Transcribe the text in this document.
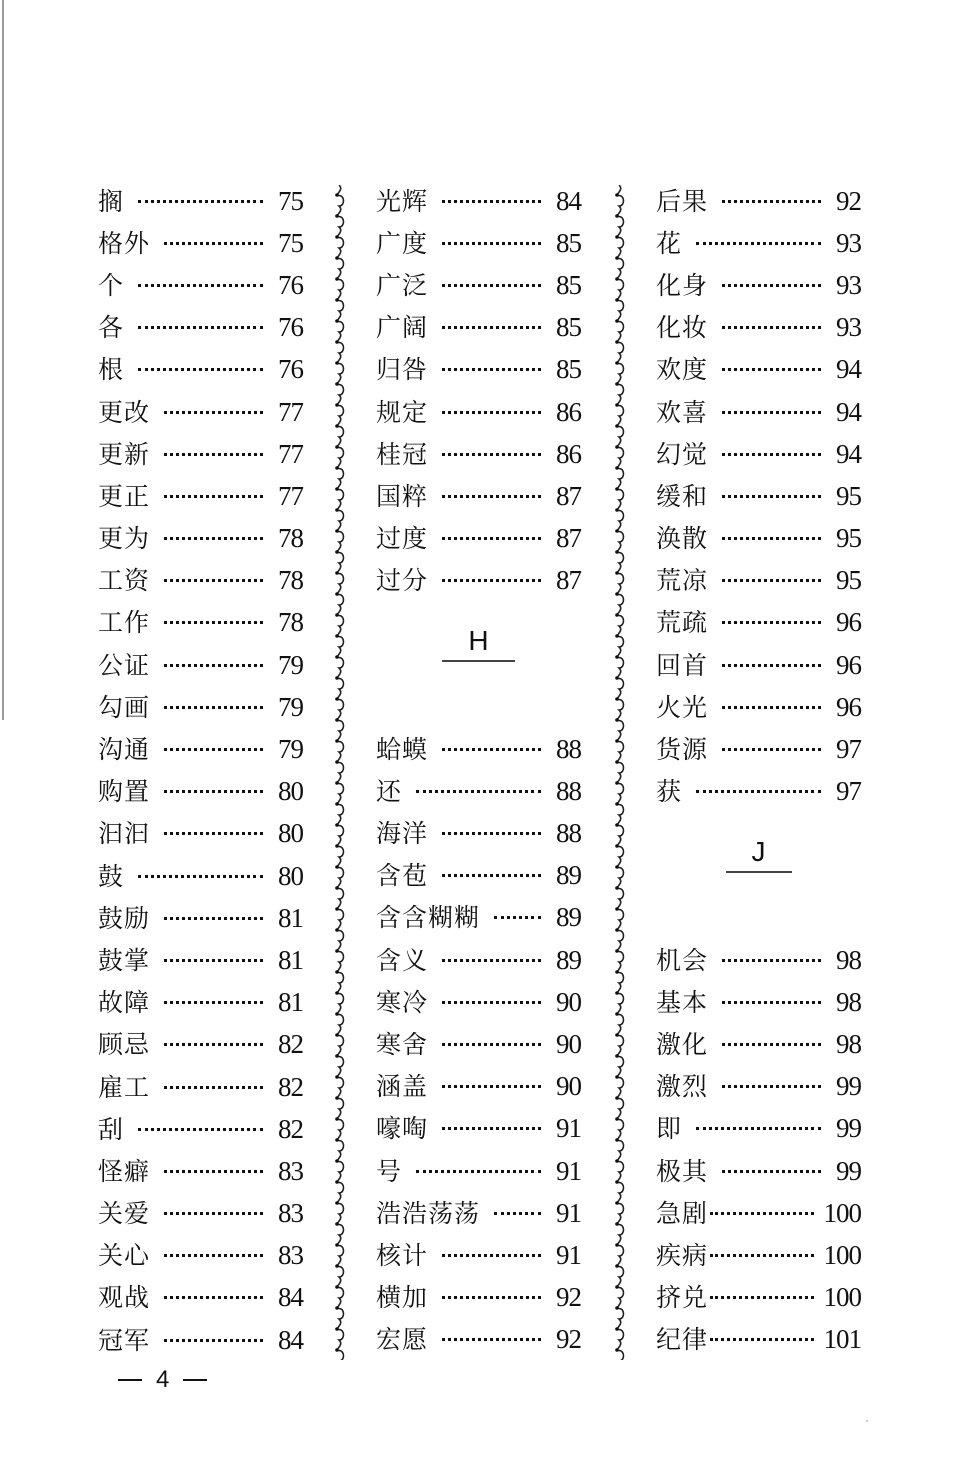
搁	75
格外	75
个	76
各	76
根	76
更改	77
更新	77
更正	77
更为	78
工资	78
工作	78
公证	79
勾画	79
沟通	79
购置	80
汩汩	80
鼓	80
鼓励	81
鼓掌	81
故障	81
顾忌	82
雇工	82
刮	82
怪癖	83
关爱	83
关心	83
观战	84
冠军	84
光辉	84
广度	85
广泛	85
广阔	85
归咎	85
规定	86
桂冠	86
国粹	87
过度	87
过分	87
H
蛤蟆	88
还	88
海洋	88
含苞	89
含含糊糊	89
含义	89
寒冷	90
寒舍	90
涵盖	90
嚎啕	91
号	91
浩浩荡荡	91
核计	91
横加	92
宏愿	92
后果	92
花	93
化身	93
化妆	93
欢度	94
欢喜	94
幻觉	94
缓和	95
涣散	95
荒凉	95
荒疏	96
回首	96
火光	96
货源	97
获	97
J
机会	98
基本	98
激化	98
激烈	99
即	99
极其	99
急剧	100
疾病	100
挤兑	100
纪律	101
4
